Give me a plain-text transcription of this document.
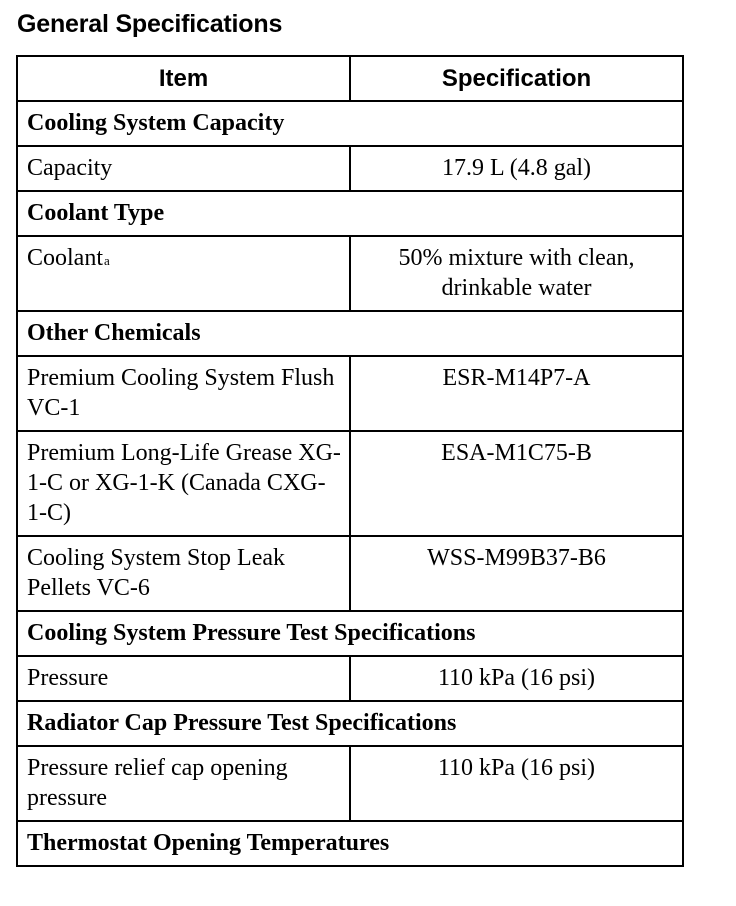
General Specifications
Item	Specification
Cooling System Capacity	
Capacity	17.9 L (4.8 gal)
Coolant Type	
Coolant$^a$	50% mixture with clean, drinkable water
Other Chemicals	
Premium Cooling System Flush VC-1	ESR-M14P7-A
Premium Long-Life Grease XG-1-C or XG-1-K (Canada CXG-1-C)	ESA-M1C75-B
Cooling System Stop Leak Pellets VC-6	WSS-M99B37-B6
Cooling System Pressure Test Specifications	
Pressure	110 kPa (16 psi)
Radiator Cap Pressure Test Specifications	
Pressure relief cap opening pressure	110 kPa (16 psi)
Thermostat Opening Temperatures	
